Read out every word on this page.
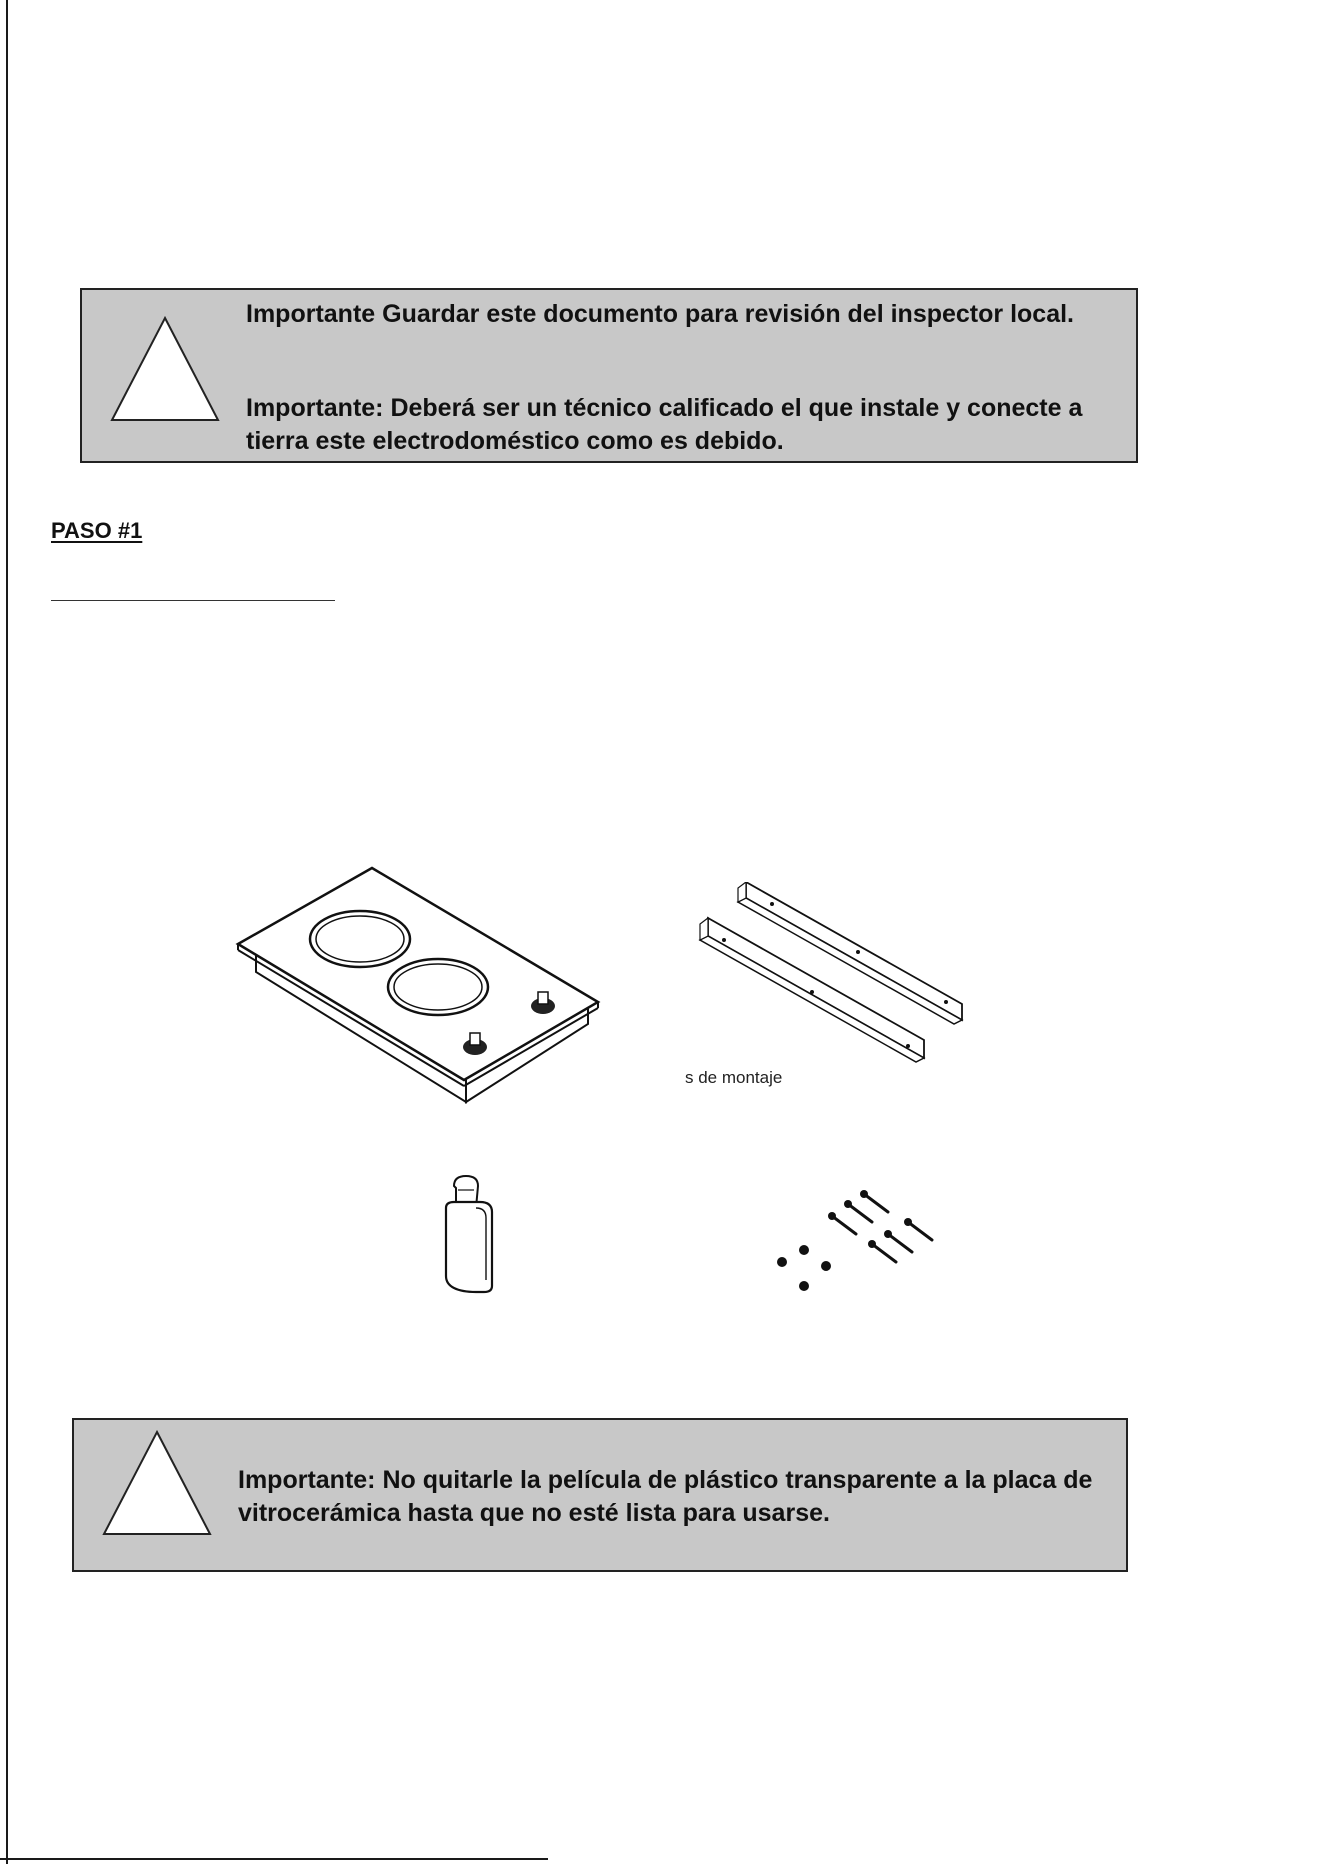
Importante Guardar este documento para revisión del inspector local.

Importante: Deberá ser un técnico calificado el que instale y conecte a tierra este electrodoméstico como es debido.

PASO #1

s de montaje

Importante: No quitarle la película de plástico transparente a la placa de vitrocerámica hasta que no esté lista para usarse.
